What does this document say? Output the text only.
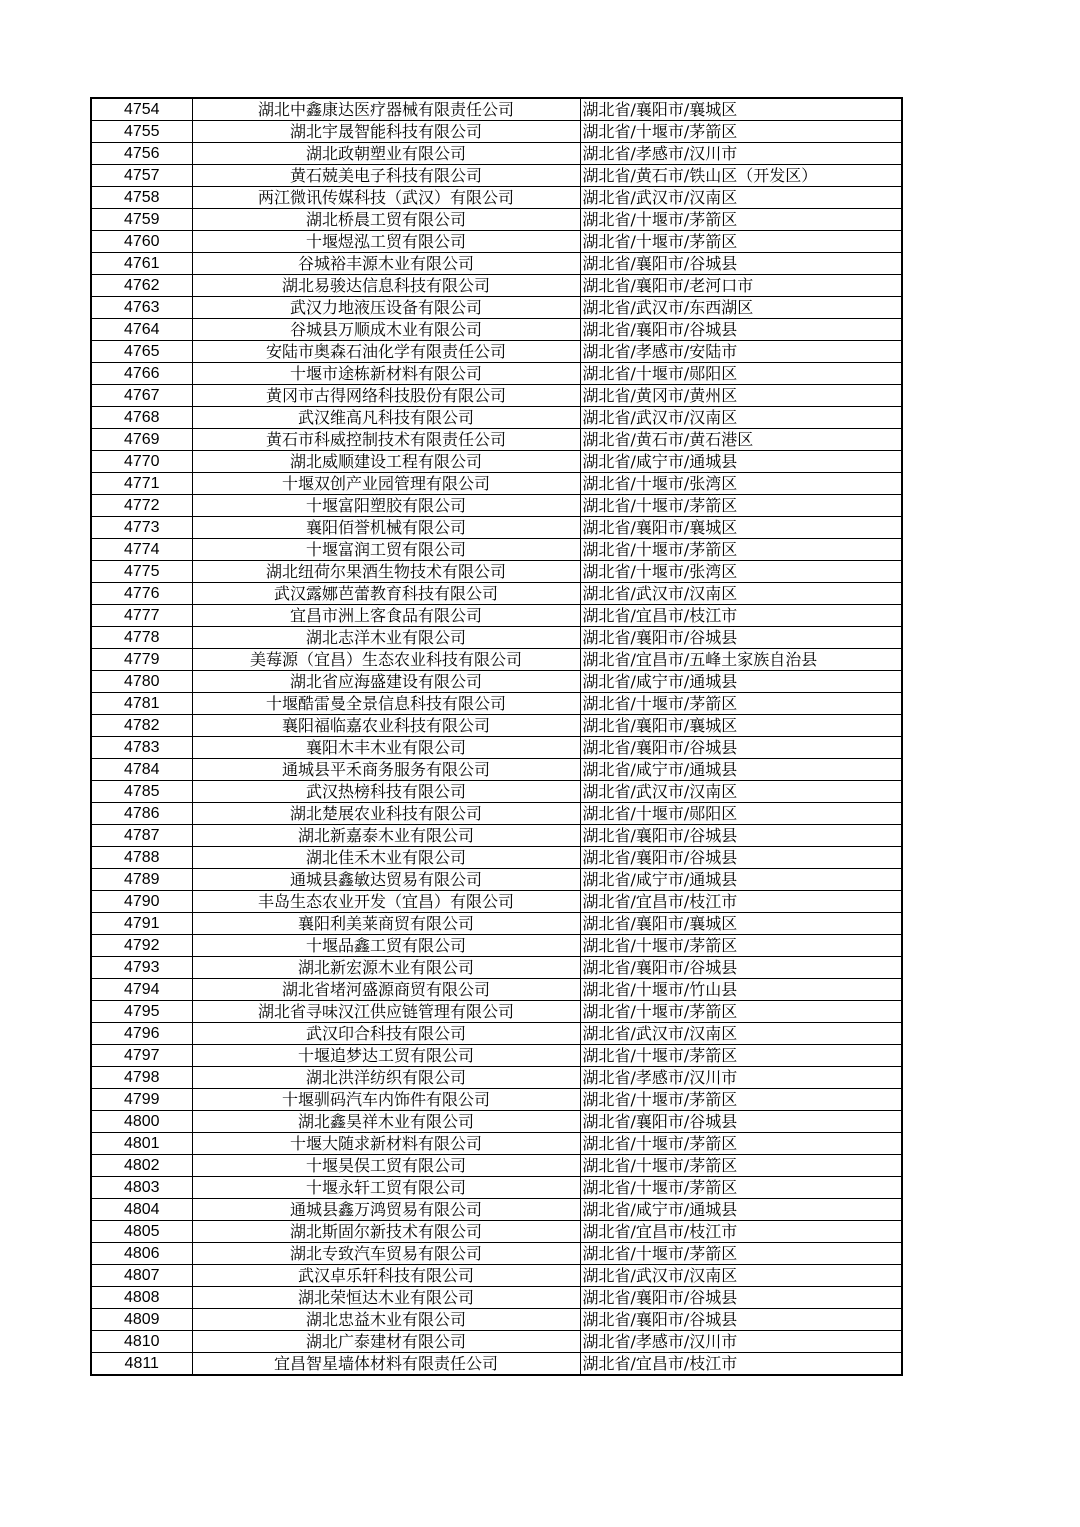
4754	湖北中鑫康达医疗器械有限责任公司	湖北省/襄阳市/襄城区
4755	湖北宇晟智能科技有限公司	湖北省/十堰市/茅箭区
4756	湖北政朝塑业有限公司	湖北省/孝感市/汉川市
4757	黄石兢美电子科技有限公司	湖北省/黄石市/铁山区（开发区）
4758	两江微讯传媒科技（武汉）有限公司	湖北省/武汉市/汉南区
4759	湖北桥晨工贸有限公司	湖北省/十堰市/茅箭区
4760	十堰煜泓工贸有限公司	湖北省/十堰市/茅箭区
4761	谷城裕丰源木业有限公司	湖北省/襄阳市/谷城县
4762	湖北易骏达信息科技有限公司	湖北省/襄阳市/老河口市
4763	武汉力地液压设备有限公司	湖北省/武汉市/东西湖区
4764	谷城县万顺成木业有限公司	湖北省/襄阳市/谷城县
4765	安陆市奥森石油化学有限责任公司	湖北省/孝感市/安陆市
4766	十堰市途栋新材料有限公司	湖北省/十堰市/郧阳区
4767	黄冈市古得网络科技股份有限公司	湖北省/黄冈市/黄州区
4768	武汉维高凡科技有限公司	湖北省/武汉市/汉南区
4769	黄石市科威控制技术有限责任公司	湖北省/黄石市/黄石港区
4770	湖北威顺建设工程有限公司	湖北省/咸宁市/通城县
4771	十堰双创产业园管理有限公司	湖北省/十堰市/张湾区
4772	十堰富阳塑胶有限公司	湖北省/十堰市/茅箭区
4773	襄阳佰誉机械有限公司	湖北省/襄阳市/襄城区
4774	十堰富润工贸有限公司	湖北省/十堰市/茅箭区
4775	湖北纽荷尔果酒生物技术有限公司	湖北省/十堰市/张湾区
4776	武汉露娜芭蕾教育科技有限公司	湖北省/武汉市/汉南区
4777	宜昌市洲上客食品有限公司	湖北省/宜昌市/枝江市
4778	湖北志洋木业有限公司	湖北省/襄阳市/谷城县
4779	美莓源（宜昌）生态农业科技有限公司	湖北省/宜昌市/五峰土家族自治县
4780	湖北省应海盛建设有限公司	湖北省/咸宁市/通城县
4781	十堰酷雷曼全景信息科技有限公司	湖北省/十堰市/茅箭区
4782	襄阳福临嘉农业科技有限公司	湖北省/襄阳市/襄城区
4783	襄阳木丰木业有限公司	湖北省/襄阳市/谷城县
4784	通城县平禾商务服务有限公司	湖北省/咸宁市/通城县
4785	武汉热榜科技有限公司	湖北省/武汉市/汉南区
4786	湖北楚展农业科技有限公司	湖北省/十堰市/郧阳区
4787	湖北新嘉泰木业有限公司	湖北省/襄阳市/谷城县
4788	湖北佳禾木业有限公司	湖北省/襄阳市/谷城县
4789	通城县鑫敏达贸易有限公司	湖北省/咸宁市/通城县
4790	丰岛生态农业开发（宜昌）有限公司	湖北省/宜昌市/枝江市
4791	襄阳利美莱商贸有限公司	湖北省/襄阳市/襄城区
4792	十堰品鑫工贸有限公司	湖北省/十堰市/茅箭区
4793	湖北新宏源木业有限公司	湖北省/襄阳市/谷城县
4794	湖北省堵河盛源商贸有限公司	湖北省/十堰市/竹山县
4795	湖北省寻味汉江供应链管理有限公司	湖北省/十堰市/茅箭区
4796	武汉印合科技有限公司	湖北省/武汉市/汉南区
4797	十堰追梦达工贸有限公司	湖北省/十堰市/茅箭区
4798	湖北洪洋纺织有限公司	湖北省/孝感市/汉川市
4799	十堰驯码汽车内饰件有限公司	湖北省/十堰市/茅箭区
4800	湖北鑫昊祥木业有限公司	湖北省/襄阳市/谷城县
4801	十堰大随求新材料有限公司	湖北省/十堰市/茅箭区
4802	十堰昊俣工贸有限公司	湖北省/十堰市/茅箭区
4803	十堰永轩工贸有限公司	湖北省/十堰市/茅箭区
4804	通城县鑫万鸿贸易有限公司	湖北省/咸宁市/通城县
4805	湖北斯固尔新技术有限公司	湖北省/宜昌市/枝江市
4806	湖北专致汽车贸易有限公司	湖北省/十堰市/茅箭区
4807	武汉卓乐轩科技有限公司	湖北省/武汉市/汉南区
4808	湖北荣恒达木业有限公司	湖北省/襄阳市/谷城县
4809	湖北忠益木业有限公司	湖北省/襄阳市/谷城县
4810	湖北广泰建材有限公司	湖北省/孝感市/汉川市
4811	宜昌智星墙体材料有限责任公司	湖北省/宜昌市/枝江市
